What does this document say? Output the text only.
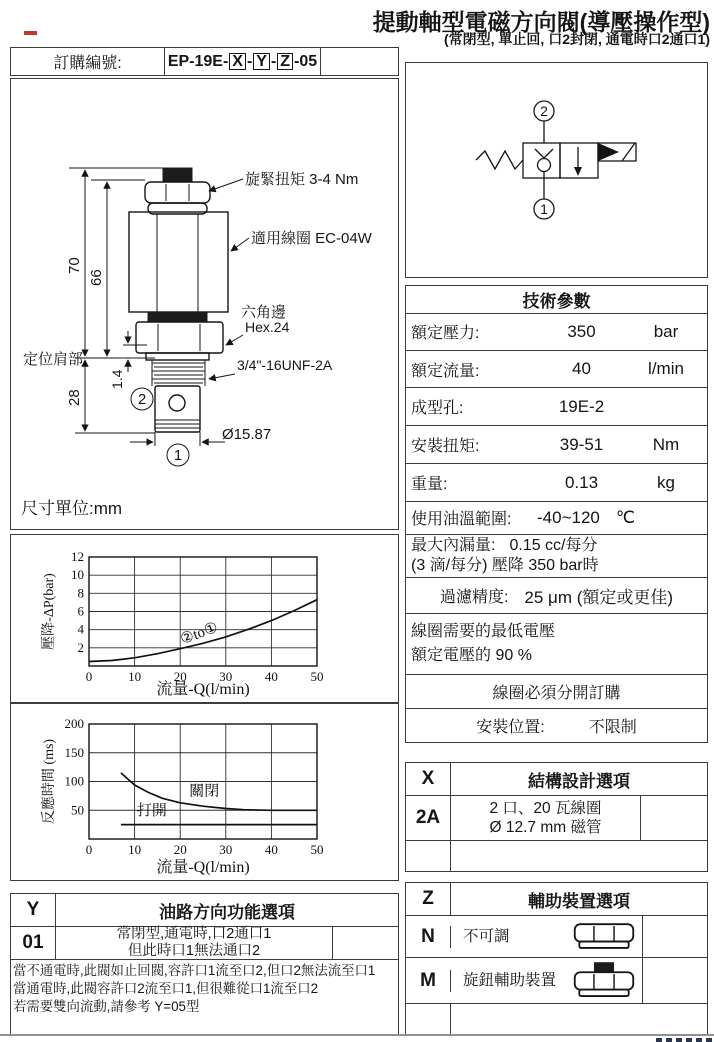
提動軸型電磁方向閥(導壓操作型)
(常閉型, 單止回, 口2封閉, 通電時口2通口1)
訂購編號:	EP-19E- X - Y - Z -05
2
1
70
66
28
1.4
Ø15.87
旋緊扭矩 3-4 Nm
適用線圈 EC-04W
六角邊
Hex.24
3/4"-16UNF-2A
定位肩部
尺寸單位:mm
0	10	20	30	40	50
2
4
6
8
10
12
②to①
流量-Q(l/min)
壓降-ΔP(bar)
0	10	20	30	40	50
50
100
150
200
關閉
打開
流量-Q(l/min)
反應時間 (ms)
2
1
技術參數
額定壓力:	350	bar
額定流量:	40	l/min
成型孔:	19E-2
安裝扭矩:	39-51	Nm
重量:	0.13	kg
使用油溫範圍:	-40~120 ℃
最大內漏量: 0.15 cc/每分
(3 滴/每分) 壓降 350 bar時
過濾精度: 25 μm (額定或更佳)
線圈需要的最低電壓
額定電壓的 90 %
線圈必須分開訂購
安裝位置:	不限制
X	結構設計選項
2A	2 口、20 瓦線圈
Ø 12.7 mm 磁管
Z	輔助裝置選項
N	不可調
M	旋鈕輔助裝置
Y	油路方向功能選項
01	常閉型,通電時,口2通口1
但此時口1無法通口2
當不通電時,此閥如止回閥,容許口1流至口2,但口2無法流至口1
當通電時,此閥容許口2流至口1,但很難從口1流至口2
若需要雙向流動,請參考 Y=05型
